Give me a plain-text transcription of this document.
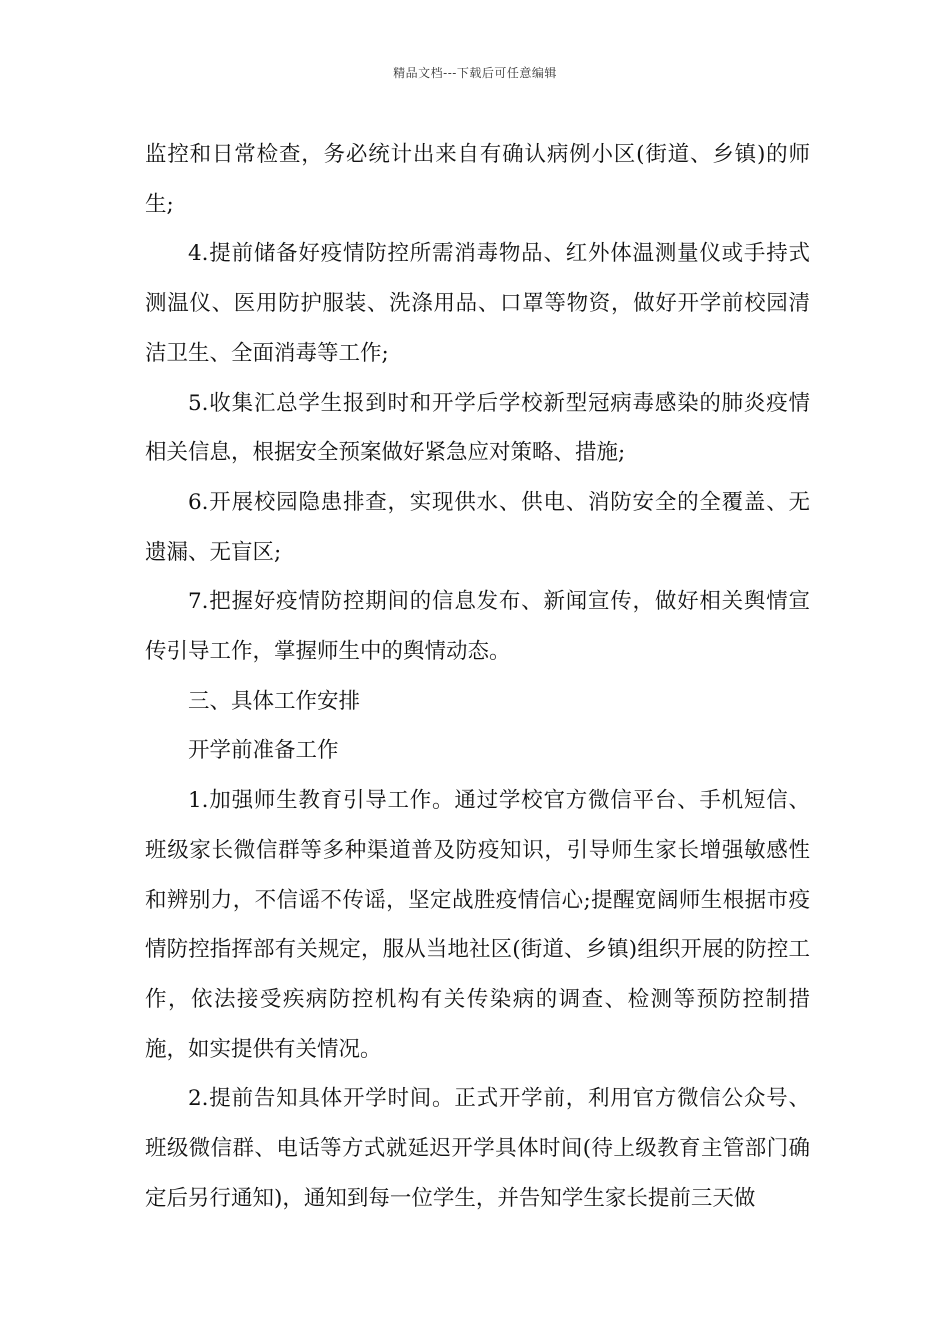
精品文档---下载后可任意编辑

监控和日常检查，务必统计出来自有确认病例小区(街道、乡镇)的师生;

4.提前储备好疫情防控所需消毒物品、红外体温测量仪或手持式测温仪、医用防护服装、洗涤用品、口罩等物资，做好开学前校园清洁卫生、全面消毒等工作;

5.收集汇总学生报到时和开学后学校新型冠病毒感染的肺炎疫情相关信息，根据安全预案做好紧急应对策略、措施;

6.开展校园隐患排查，实现供水、供电、消防安全的全覆盖、无遗漏、无盲区;

7.把握好疫情防控期间的信息发布、新闻宣传，做好相关舆情宣传引导工作，掌握师生中的舆情动态。

三、具体工作安排

开学前准备工作

1.加强师生教育引导工作。通过学校官方微信平台、手机短信、班级家长微信群等多种渠道普及防疫知识，引导师生家长增强敏感性和辨别力，不信谣不传谣，坚定战胜疫情信心;提醒宽阔师生根据市疫情防控指挥部有关规定，服从当地社区(街道、乡镇)组织开展的防控工作，依法接受疾病防控机构有关传染病的调查、检测等预防控制措施，如实提供有关情况。

2.提前告知具体开学时间。正式开学前，利用官方微信公众号、班级微信群、电话等方式就延迟开学具体时间(待上级教育主管部门确定后另行通知)，通知到每一位学生，并告知学生家长提前三天做
